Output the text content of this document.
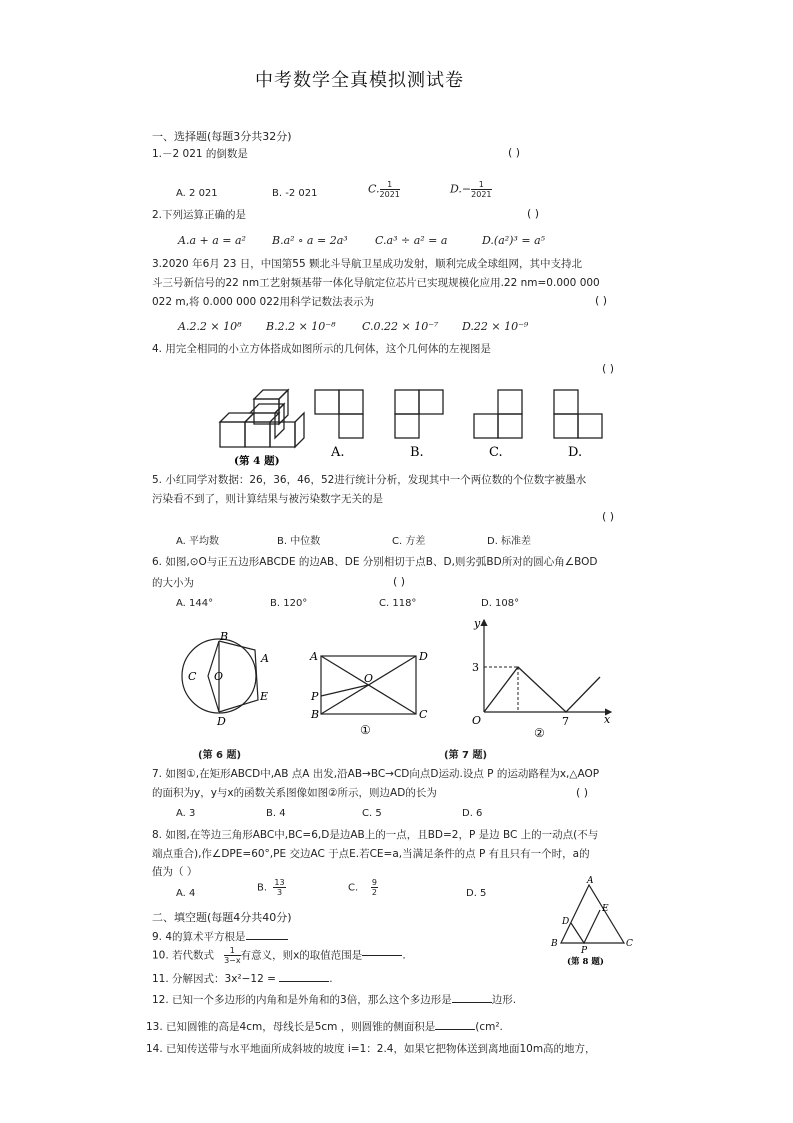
中考数学全真模拟测试卷
一、选择题(每题3分共32分)
1.－2 021 的倒数是	( )
A. 2 021	B. -2 021	C. $\frac{1}{2021}$	$D.- \frac{1}{2021}$
2.下列运算正确的是	( )
A.a + a = a² B.a² ∘ a = 2a³ C.a³ ÷ a² = a	D.(a²)³ = a⁵
3.2020 年6月 23 日，中国第55 颗北斗导航卫星成功发射，顺利完成全球组网，其中支持北
斗三号新信号的22 nm工艺射频基带一体化导航定位芯片已实现规模化应用.22 nm=0.000 000
022 m,将 0.000 000 022用科学记数法表示为	( )
A.2.2 × 10⁸ B.2.2 × 10⁻⁸ C.0.22 × 10⁻⁷ D.22 × 10⁻⁹
4. 用完全相同的小立方体搭成如图所示的几何体，这个几何体的左视图是
( )
(第 4 题)
A.	B.	C.	D.
5. 小红同学对数据：26，36，46，52进行统计分析，发现其中一个两位数的个位数字被墨水
污染看不到了，则计算结果与被污染数字无关的是
( )
A. 平均数	B. 中位数	C. 方差	D. 标准差
6. 如图,⊙O与正五边形ABCDE 的边AB、DE 分别相切于点B、D,则劣弧BD所对的圆心角∠BOD
的大小为	( )
A. 144°	B. 120°	C. 118°	D. 108°
B
A
C O
E
D
(第 6 题)
A	D
O
P
B	C
①
y
x
O
3
7
②
(第 7 题)
7. 如图①,在矩形ABCD中,AB 点A 出发,沿AB→BC→CD向点D运动.设点 P 的运动路程为x,△AOP
的面积为y，y与x的函数关系图像如图②所示，则边AD的长为	( )
A. 3	B. 4	C. 5	D. 6
8. 如图,在等边三角形ABC中,BC=6,D是边AB上的一点，且BD=2，P 是边 BC 上的一动点(不与
端点重合),作∠DPE=60°,PE 交边AC 于点E.若CE=a,当满足条件的点 P 有且只有一个时，a的
值为（ ）
A. 4	B. $\frac{13}{3}$	C. $\frac{9}{2}$	D. 5
A
E
D
B
P
C
(第 8 题)
二、填空题(每题4分共40分)
9. 4的算术平方根是
10. 若代数式 $\frac{1}{3-x}$ 有意义，则x的取值范围是	.
11. 分解因式：3x²−12 =	.
12. 已知一个多边形的内角和是外角和的3倍，那么这个多边形是	边形.
13. 已知圆锥的高是4cm，母线长是5cm ，则圆锥的侧面积是	(cm².
14. 已知传送带与水平地面所成斜坡的坡度 i=1：2.4，如果它把物体送到离地面10m高的地方，
